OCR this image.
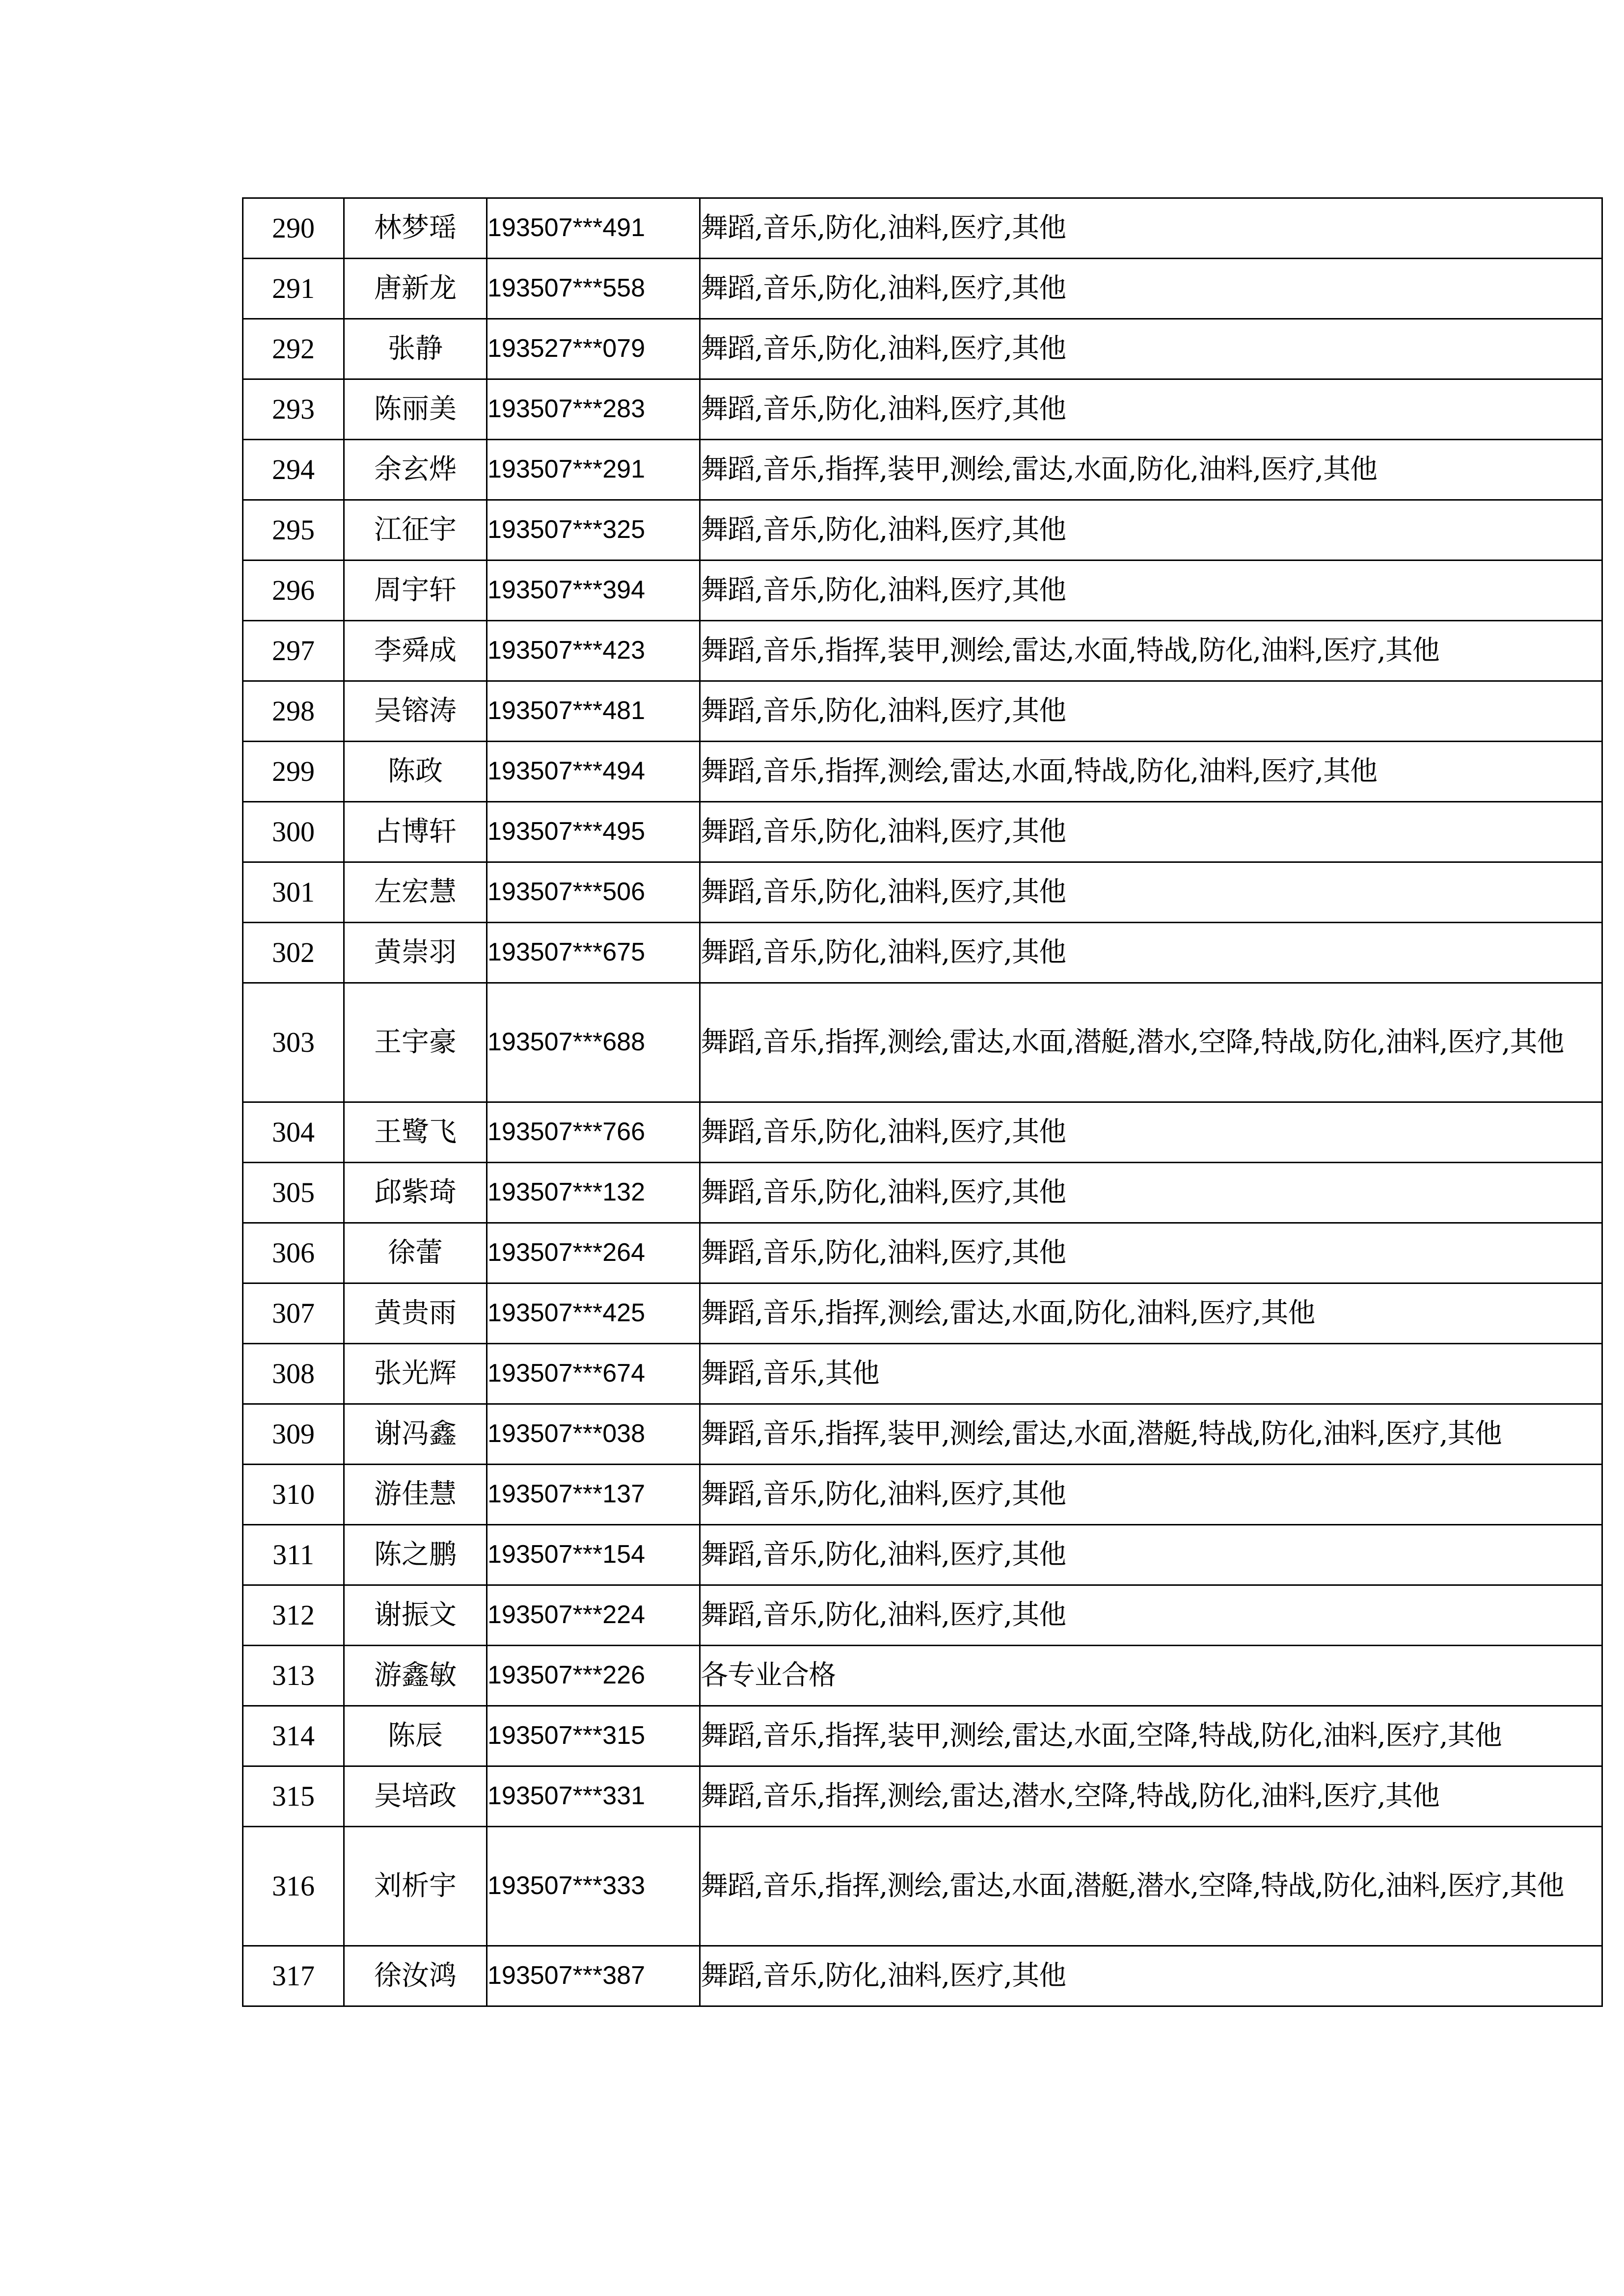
290	林梦瑶	193507***491	舞蹈,音乐,防化,油料,医疗,其他
291	唐新龙	193507***558	舞蹈,音乐,防化,油料,医疗,其他
292	张静	193527***079	舞蹈,音乐,防化,油料,医疗,其他
293	陈丽美	193507***283	舞蹈,音乐,防化,油料,医疗,其他
294	余玄烨	193507***291	舞蹈,音乐,指挥,装甲,测绘,雷达,水面,防化,油料,医疗,其他
295	江征宇	193507***325	舞蹈,音乐,防化,油料,医疗,其他
296	周宇轩	193507***394	舞蹈,音乐,防化,油料,医疗,其他
297	李舜成	193507***423	舞蹈,音乐,指挥,装甲,测绘,雷达,水面,特战,防化,油料,医疗,其他
298	吴镕涛	193507***481	舞蹈,音乐,防化,油料,医疗,其他
299	陈政	193507***494	舞蹈,音乐,指挥,测绘,雷达,水面,特战,防化,油料,医疗,其他
300	占博轩	193507***495	舞蹈,音乐,防化,油料,医疗,其他
301	左宏慧	193507***506	舞蹈,音乐,防化,油料,医疗,其他
302	黄崇羽	193507***675	舞蹈,音乐,防化,油料,医疗,其他
303	王宇豪	193507***688	舞蹈,音乐,指挥,测绘,雷达,水面,潜艇,潜水,空降,特战,防化,油料,医疗,其他
304	王鹭飞	193507***766	舞蹈,音乐,防化,油料,医疗,其他
305	邱紫琦	193507***132	舞蹈,音乐,防化,油料,医疗,其他
306	徐蕾	193507***264	舞蹈,音乐,防化,油料,医疗,其他
307	黄贵雨	193507***425	舞蹈,音乐,指挥,测绘,雷达,水面,防化,油料,医疗,其他
308	张光辉	193507***674	舞蹈,音乐,其他
309	谢冯鑫	193507***038	舞蹈,音乐,指挥,装甲,测绘,雷达,水面,潜艇,特战,防化,油料,医疗,其他
310	游佳慧	193507***137	舞蹈,音乐,防化,油料,医疗,其他
311	陈之鹏	193507***154	舞蹈,音乐,防化,油料,医疗,其他
312	谢振文	193507***224	舞蹈,音乐,防化,油料,医疗,其他
313	游鑫敏	193507***226	各专业合格
314	陈辰	193507***315	舞蹈,音乐,指挥,装甲,测绘,雷达,水面,空降,特战,防化,油料,医疗,其他
315	吴培政	193507***331	舞蹈,音乐,指挥,测绘,雷达,潜水,空降,特战,防化,油料,医疗,其他
316	刘析宇	193507***333	舞蹈,音乐,指挥,测绘,雷达,水面,潜艇,潜水,空降,特战,防化,油料,医疗,其他
317	徐汝鸿	193507***387	舞蹈,音乐,防化,油料,医疗,其他
